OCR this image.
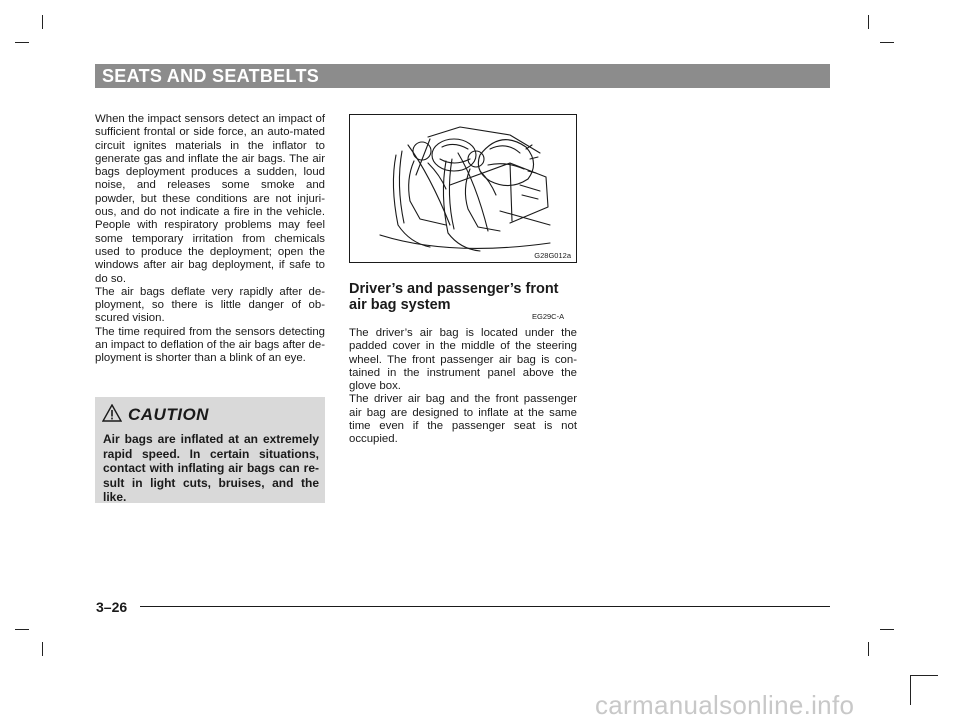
SEATS AND SEATBELTS

When the impact sensors detect an impact of sufficient frontal or side force, an auto-mated circuit ignites materials in the inflator to generate gas and inflate the air bags. The air bags deployment produces a sudden, loud noise, and releases some smoke and powder, but these conditions are not injuri-ous, and do not indicate a fire in the vehicle. People with respiratory problems may feel some temporary irritation from chemicals used to produce the deployment; open the windows after air bag deployment, if safe to do so.

The air bags deflate very rapidly after de-ployment, so there is little danger of ob-scured vision.

The time required from the sensors detecting an impact to deflation of the air bags after de-ployment is shorter than a blink of an eye.

CAUTION

Air bags are inflated at an extremely rapid speed. In certain situations, contact with inflating air bags can re-sult in light cuts, bruises, and the like.

G28G012a
Driver’s and passenger’s front air bag system
EG29C-A

The driver’s air bag is located under the padded cover in the middle of the steering wheel. The front passenger air bag is con-tained in the instrument panel above the glove box.

The driver air bag and the front passenger air bag are designed to inflate at the same time even if the passenger seat is not occupied.

3–26
carmanualsonline.info
